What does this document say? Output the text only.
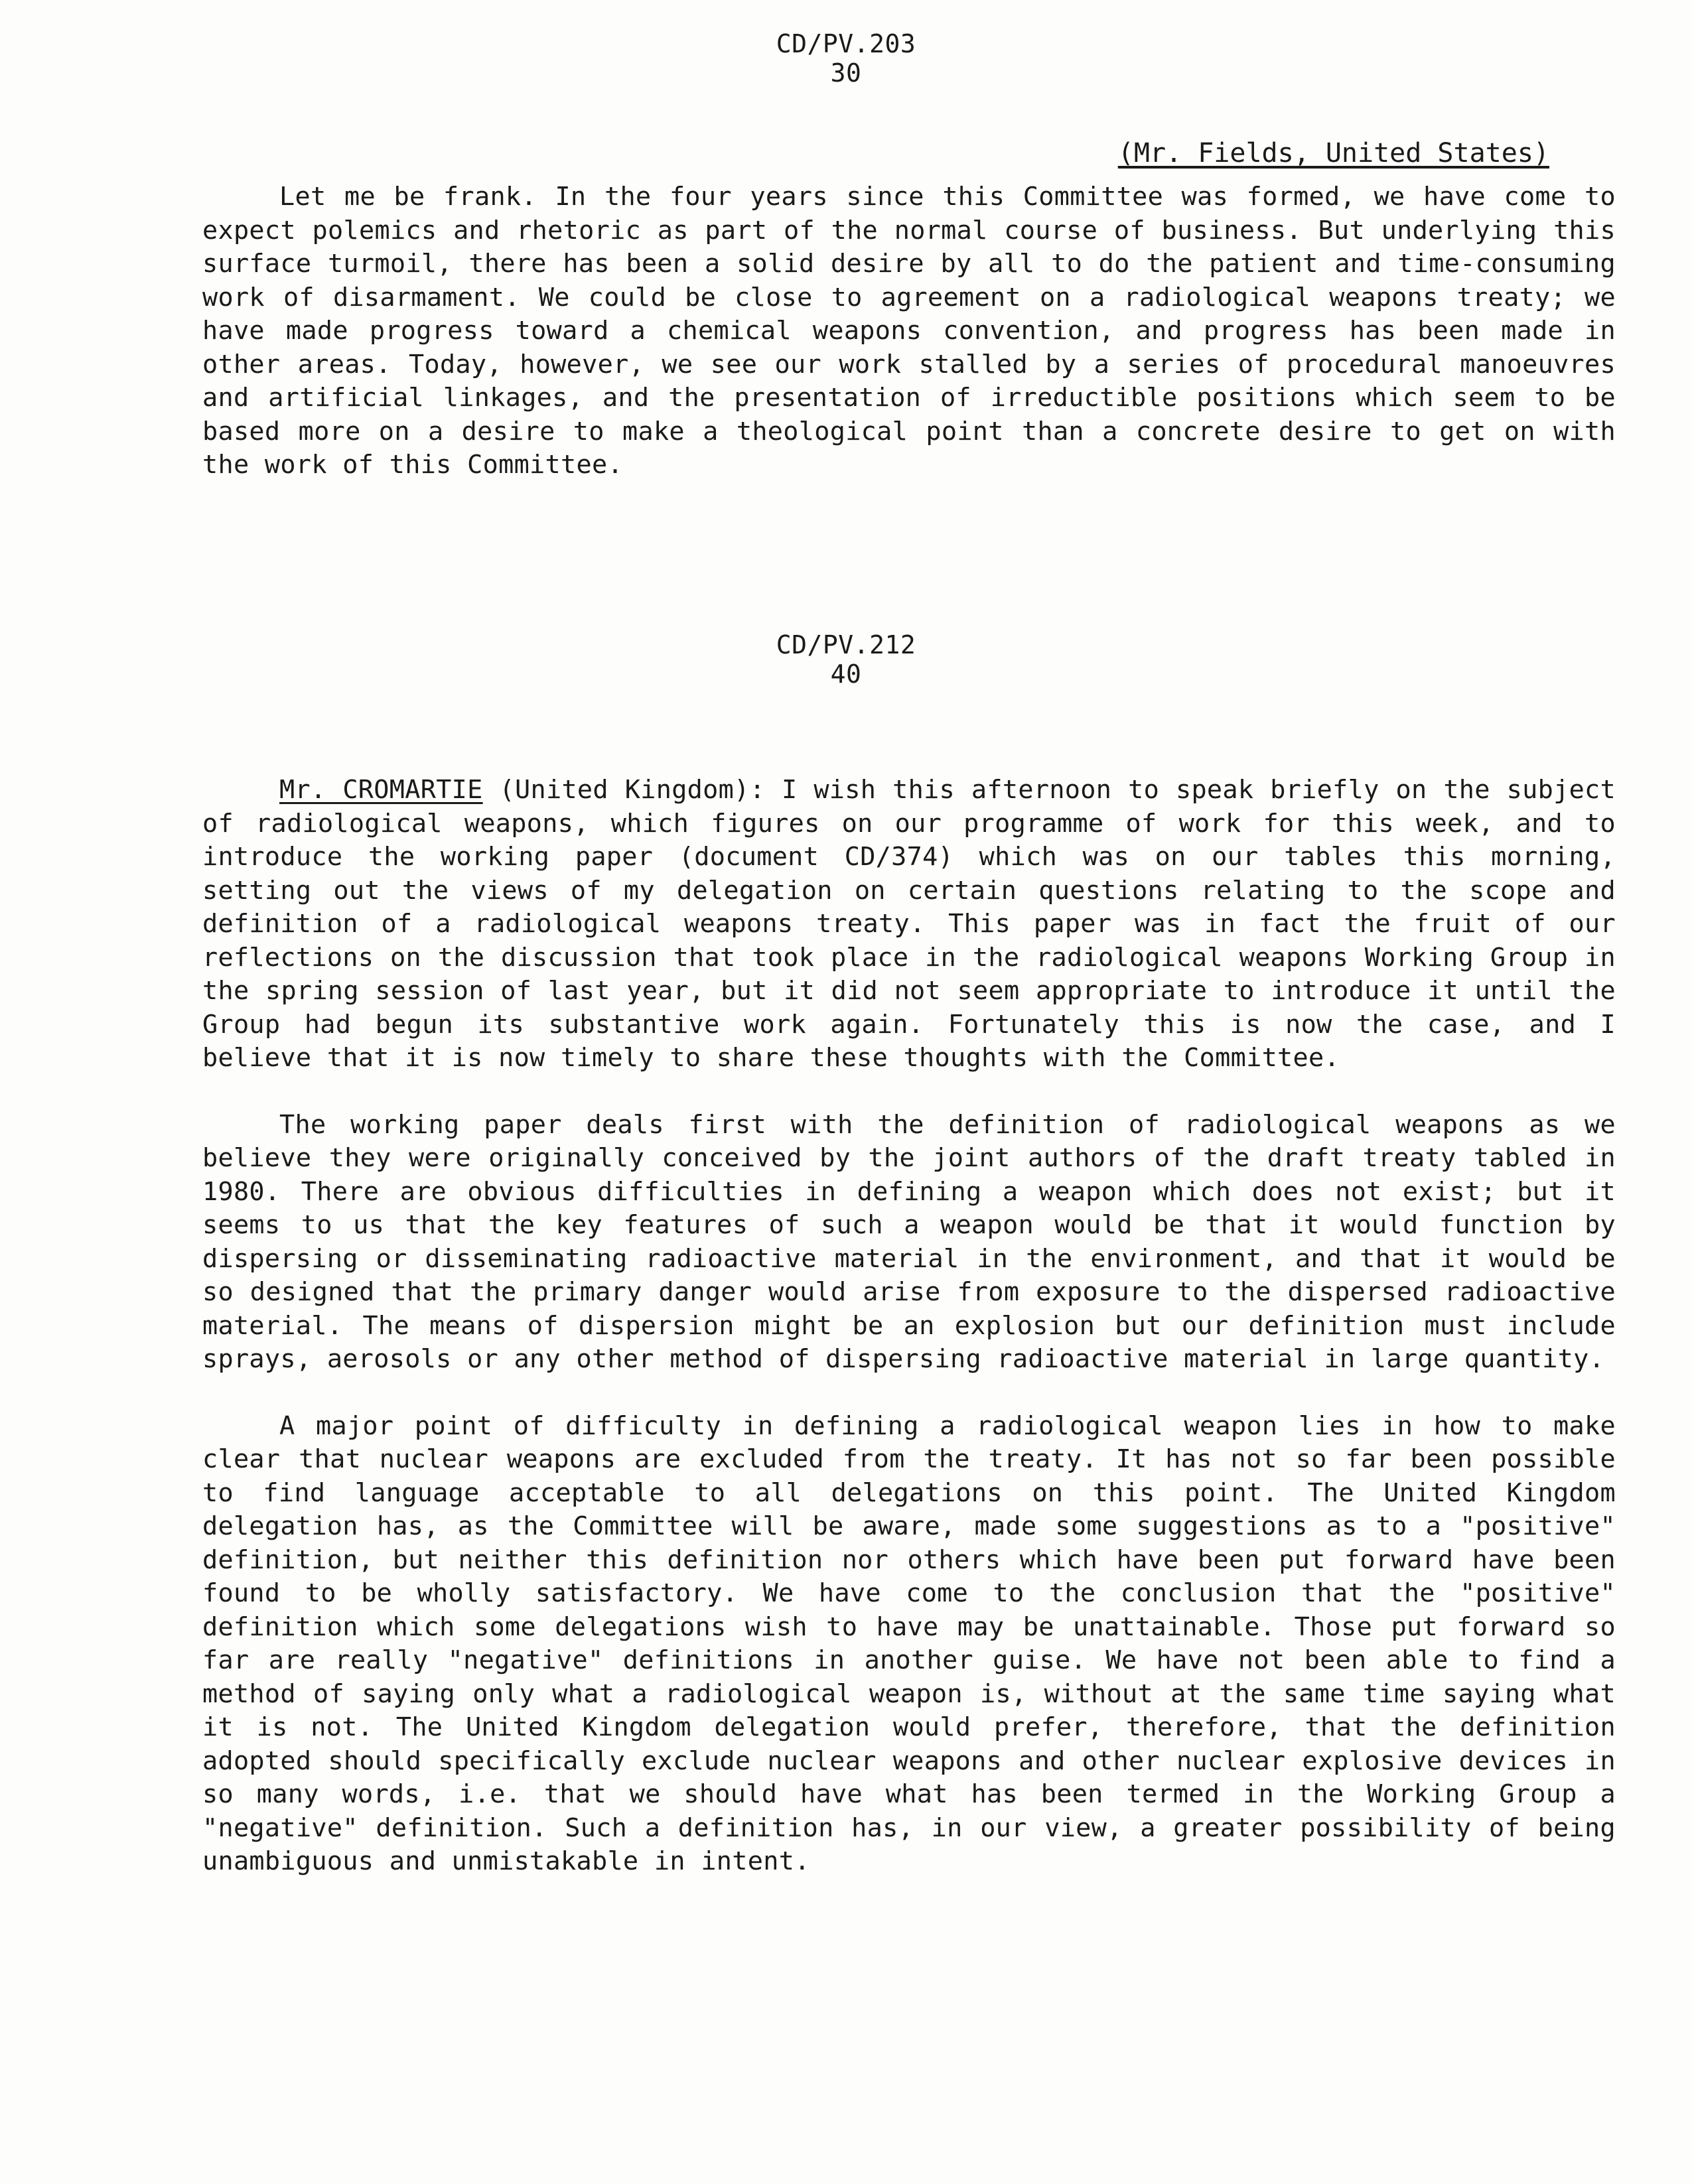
CD/PV.203
30
(Mr. Fields, United States)

Let me be frank. In the four years since this Committee was formed, we have come to expect polemics and rhetoric as part of the normal course of business. But underlying this surface turmoil, there has been a solid desire by all to do the patient and time-consuming work of disarmament. We could be close to agreement on a radiological weapons treaty; we have made progress toward a chemical weapons convention, and progress has been made in other areas. Today, however, we see our work stalled by a series of procedural manoeuvres and artificial linkages, and the presentation of irreductible positions which seem to be based more on a desire to make a theological point than a concrete desire to get on with the work of this Committee.

CD/PV.212
40

Mr. CROMARTIE (United Kingdom): I wish this afternoon to speak briefly on the subject of radiological weapons, which figures on our programme of work for this week, and to introduce the working paper (document CD/374) which was on our tables this morning, setting out the views of my delegation on certain questions relating to the scope and definition of a radiological weapons treaty. This paper was in fact the fruit of our reflections on the discussion that took place in the radiological weapons Working Group in the spring session of last year, but it did not seem appropriate to introduce it until the Group had begun its substantive work again. Fortunately this is now the case, and I believe that it is now timely to share these thoughts with the Committee.

The working paper deals first with the definition of radiological weapons as we believe they were originally conceived by the joint authors of the draft treaty tabled in 1980. There are obvious difficulties in defining a weapon which does not exist; but it seems to us that the key features of such a weapon would be that it would function by dispersing or disseminating radioactive material in the environment, and that it would be so designed that the primary danger would arise from exposure to the dispersed radioactive material. The means of dispersion might be an explosion but our definition must include sprays, aerosols or any other method of dispersing radioactive material in large quantity.

A major point of difficulty in defining a radiological weapon lies in how to make clear that nuclear weapons are excluded from the treaty. It has not so far been possible to find language acceptable to all delegations on this point. The United Kingdom delegation has, as the Committee will be aware, made some suggestions as to a "positive" definition, but neither this definition nor others which have been put forward have been found to be wholly satisfactory. We have come to the conclusion that the "positive" definition which some delegations wish to have may be unattainable. Those put forward so far are really "negative" definitions in another guise. We have not been able to find a method of saying only what a radiological weapon is, without at the same time saying what it is not. The United Kingdom delegation would prefer, therefore, that the definition adopted should specifically exclude nuclear weapons and other nuclear explosive devices in so many words, i.e. that we should have what has been termed in the Working Group a "negative" definition. Such a definition has, in our view, a greater possibility of being unambiguous and unmistakable in intent.
